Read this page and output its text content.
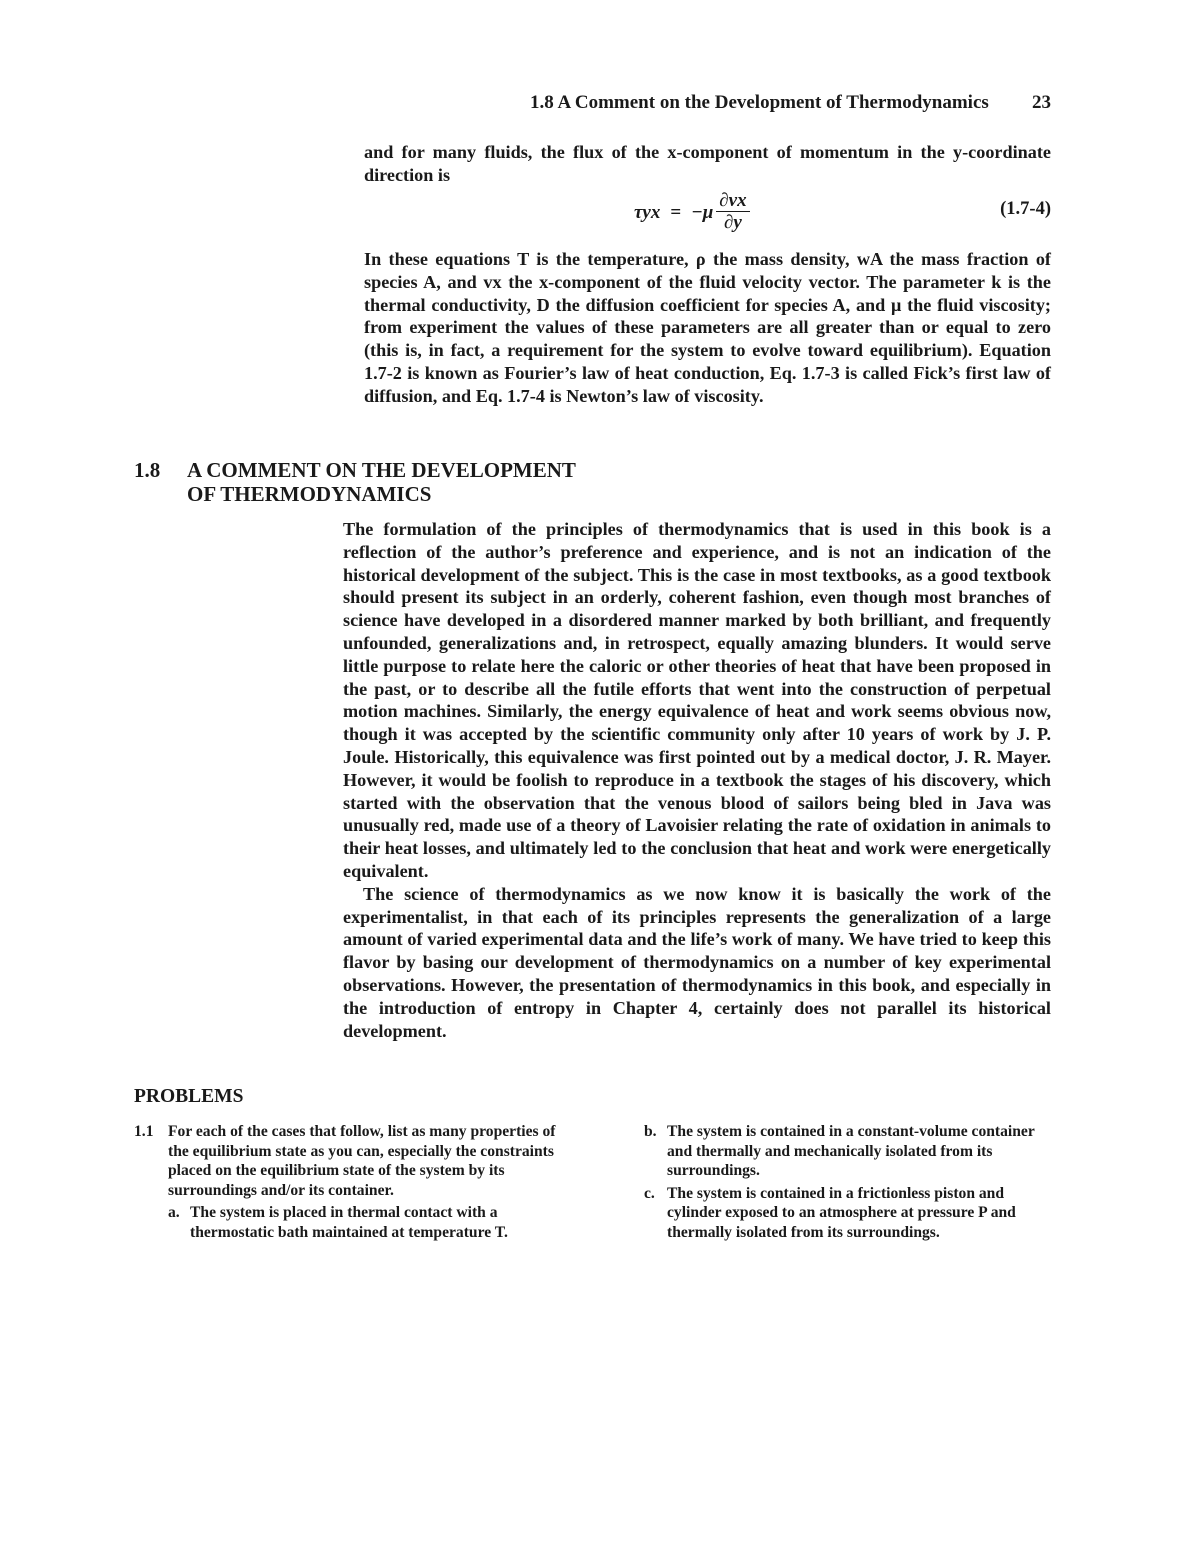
1.8 A Comment on the Development of Thermodynamics 23

and for many fluids, the flux of the x-component of momentum in the y-coordinate direction is

$\tau yx = -\mu \frac{\partial vx}{\partial y}$	(1.7-4)

In these equations T is the temperature, ρ the mass density, wA the mass fraction of species A, and vx the x-component of the fluid velocity vector. The parameter k is the thermal conductivity, D the diffusion coefficient for species A, and μ the fluid viscosity; from experiment the values of these parameters are all greater than or equal to zero (this is, in fact, a requirement for the system to evolve toward equilibrium). Equation 1.7-2 is known as Fourier’s law of heat conduction, Eq. 1.7-3 is called Fick’s first law of diffusion, and Eq. 1.7-4 is Newton’s law of viscosity.

1.8 A COMMENT ON THE DEVELOPMENT
OF THERMODYNAMICS

The formulation of the principles of thermodynamics that is used in this book is a reflection of the author’s preference and experience, and is not an indication of the historical development of the subject. This is the case in most textbooks, as a good textbook should present its subject in an orderly, coherent fashion, even though most branches of science have developed in a disordered manner marked by both brilliant, and frequently unfounded, generalizations and, in retrospect, equally amazing blunders. It would serve little purpose to relate here the caloric or other theories of heat that have been proposed in the past, or to describe all the futile efforts that went into the construction of perpetual motion machines. Similarly, the energy equivalence of heat and work seems obvious now, though it was accepted by the scientific community only after 10 years of work by J. P. Joule. Historically, this equivalence was first pointed out by a medical doctor, J. R. Mayer. However, it would be foolish to reproduce in a textbook the stages of his discovery, which started with the observation that the venous blood of sailors being bled in Java was unusually red, made use of a theory of Lavoisier relating the rate of oxidation in animals to their heat losses, and ultimately led to the conclusion that heat and work were energetically equivalent.

The science of thermodynamics as we now know it is basically the work of the experimentalist, in that each of its principles represents the generalization of a large amount of varied experimental data and the life’s work of many. We have tried to keep this flavor by basing our development of thermodynamics on a number of key experimental observations. However, the presentation of thermodynamics in this book, and especially in the introduction of entropy in Chapter 4, certainly does not parallel its historical development.

PROBLEMS
1.1 For each of the cases that follow, list as many properties of the equilibrium state as you can, especially the constraints placed on the equilibrium state of the system by its surroundings and/or its container.
a. The system is placed in thermal contact with a thermostatic bath maintained at temperature T.
b. The system is contained in a constant-volume container and thermally and mechanically isolated from its surroundings.
c. The system is contained in a frictionless piston and cylinder exposed to an atmosphere at pressure P and thermally isolated from its surroundings.
